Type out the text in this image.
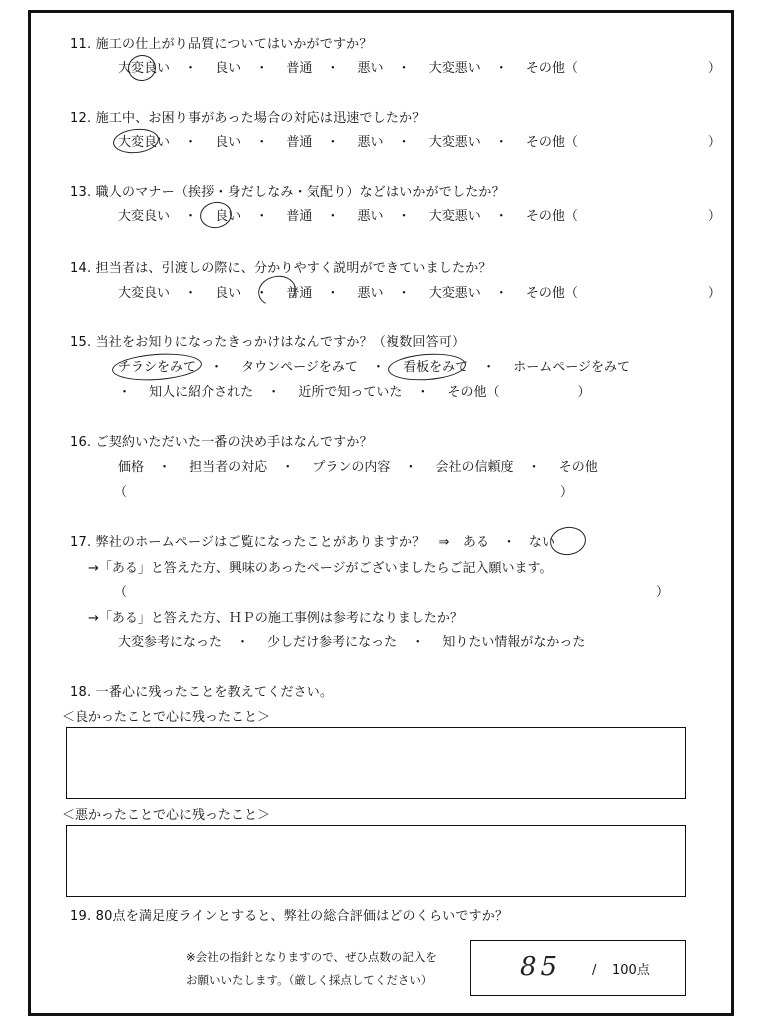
11. 施工の仕上がり品質についてはいかがですか？
大変良い ・ 良い ・ 普通 ・ 悪い ・ 大変悪い ・ その他（　　　　　　　　　　）
12. 施工中、お困り事があった場合の対応は迅速でしたか？
大変良い ・ 良い ・ 普通 ・ 悪い ・ 大変悪い ・ その他（　　　　　　　　　　）
13. 職人のマナー（挨拶・身だしなみ・気配り）などはいかがでしたか？
大変良い ・ 良い ・ 普通 ・ 悪い ・ 大変悪い ・ その他（　　　　　　　　　　）
14. 担当者は、引渡しの際に、分かりやすく説明ができていましたか？
大変良い ・ 良い ・ 普通 ・ 悪い ・ 大変悪い ・ その他（　　　　　　　　　　）
15. 当社をお知りになったきっかけはなんですか？（複数回答可）
チラシをみて ・ タウンページをみて ・ 看板をみて ・ ホームページをみて
・ 知人に紹介された ・ 近所で知っていた ・ その他（　　　　　　）
16. ご契約いただいた一番の決め手はなんですか？
価格 ・ 担当者の対応 ・ プランの内容 ・ 会社の信頼度 ・ その他
（	）
17. 弊社のホームページはご覧になったことがありますか？　⇒　ある　・　ない
→「ある」と答えた方、興味のあったページがございましたらご記入願います。
（	）
→「ある」と答えた方、ＨＰの施工事例は参考になりましたか？
大変参考になった ・ 少しだけ参考になった ・ 知りたい情報がなかった
18. 一番心に残ったことを教えてください。
＜良かったことで心に残ったこと＞
＜悪かったことで心に残ったこと＞
19. 80点を満足度ラインとすると、弊社の総合評価はどのくらいですか？
※会社の指針となりますので、ぜひ点数の記入を
お願いいたします。（厳しく採点してください）	85 / 100点
